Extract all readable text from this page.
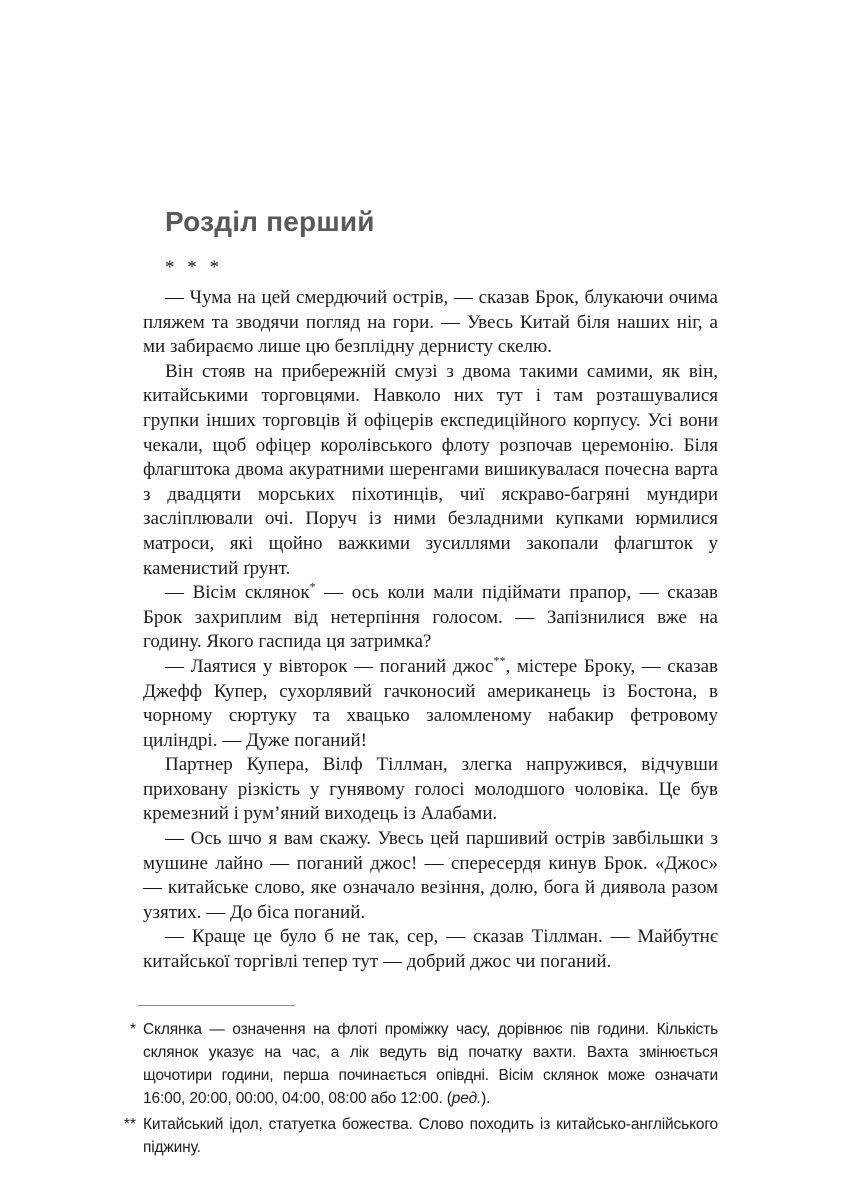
Розділ перший
* * *

— Чума на цей смердючий острів, — сказав Брок, блукаючи очима пляжем та зводячи погляд на гори. — Увесь Китай біля наших ніг, а ми забираємо лише цю безплідну дернисту скелю.

Він стояв на прибережній смузі з двома такими самими, як він, китайськими торговцями. Навколо них тут і там розташувалися групки інших торговців й офіцерів експедиційного корпусу. Усі вони чекали, щоб офіцер королівського флоту розпочав церемонію. Біля флагштока двома акуратними шеренгами вишикувалася почесна варта з двадцяти морських піхотинців, чиї яскраво-багряні мундири засліплювали очі. Поруч із ними безладними купками юрмилися матроси, які щойно важкими зусиллями закопали флагшток у каменистий ґрунт.

— Вісім склянок* — ось коли мали підіймати прапор, — сказав Брок захриплим від нетерпіння голосом. — Запізнилися вже на годину. Якого гаспида ця затримка?

— Лаятися у вівторок — поганий джос**, містере Броку, — сказав Джефф Купер, сухорлявий гачконосий американець із Бостона, в чорному сюртуку та хвацько заломленому набакир фетровому циліндрі. — Дуже поганий!

Партнер Купера, Вілф Тіллман, злегка напружився, відчувши приховану різкість у гунявому голосі молодшого чоловіка. Це був кремезний і рум’яний виходець із Алабами.

— Ось шчо я вам скажу. Увесь цей паршивий острів завбільшки з мушине лайно — поганий джос! — спересердя кинув Брок. «Джос» — китайське слово, яке означало везіння, долю, бога й диявола разом узятих. — До біса поганий.

— Краще це було б не так, сер, — сказав Тіллман. — Майбутнє китайської торгівлі тепер тут — добрий джос чи поганий.

* Склянка — означення на флоті проміжку часу, дорівнює пів години. Кількість склянок указує на час, а лік ведуть від початку вахти. Вахта змінюється щочотири години, перша починається опівдні. Вісім склянок може означати 16:00, 20:00, 00:00, 04:00, 08:00 або 12:00. (ред.).
** Китайський ідол, статуетка божества. Слово походить із китайсько-англійського піджину.
